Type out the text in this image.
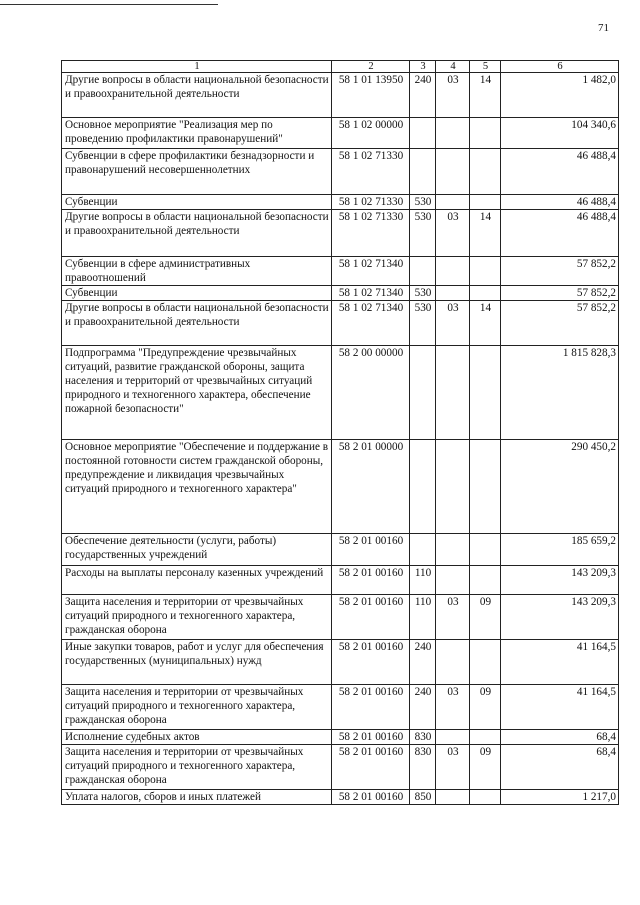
71
1	2	3	4	5	6
Другие вопросы в области национальной безопасности и правоохранительной деятельности	58 1 01 13950	240	03	14	1 482,0
Основное мероприятие "Реализация мер по проведению профилактики правонарушений"	58 1 02 00000				104 340,6
Субвенции в сфере профилактики безнадзорности и правонарушений несовершеннолетних	58 1 02 71330				46 488,4
Субвенции	58 1 02 71330	530			46 488,4
Другие вопросы в области национальной безопасности и правоохранительной деятельности	58 1 02 71330	530	03	14	46 488,4
Субвенции в сфере административных правоотношений	58 1 02 71340				57 852,2
Субвенции	58 1 02 71340	530			57 852,2
Другие вопросы в области национальной безопасности и правоохранительной деятельности	58 1 02 71340	530	03	14	57 852,2
Подпрограмма "Предупреждение чрезвычайных ситуаций, развитие гражданской обороны, защита населения и территорий от чрезвычайных ситуаций природного и техногенного характера, обеспечение пожарной безопасности"	58 2 00 00000				1 815 828,3
Основное мероприятие "Обеспечение и поддержание в постоянной готовности систем гражданской обороны, предупреждение и ликвидация чрезвычайных ситуаций природного и техногенного характера"	58 2 01 00000				290 450,2
Обеспечение деятельности (услуги, работы) государственных учреждений	58 2 01 00160				185 659,2
Расходы на выплаты персоналу казенных учреждений	58 2 01 00160	110			143 209,3
Защита населения и территории от чрезвычайных ситуаций природного и техногенного характера, гражданская оборона	58 2 01 00160	110	03	09	143 209,3
Иные закупки товаров, работ и услуг для обеспечения государственных (муниципальных) нужд	58 2 01 00160	240			41 164,5
Защита населения и территории от чрезвычайных ситуаций природного и техногенного характера, гражданская оборона	58 2 01 00160	240	03	09	41 164,5
Исполнение судебных актов	58 2 01 00160	830			68,4
Защита населения и территории от чрезвычайных ситуаций природного и техногенного характера, гражданская оборона	58 2 01 00160	830	03	09	68,4
Уплата налогов, сборов и иных платежей	58 2 01 00160	850			1 217,0
